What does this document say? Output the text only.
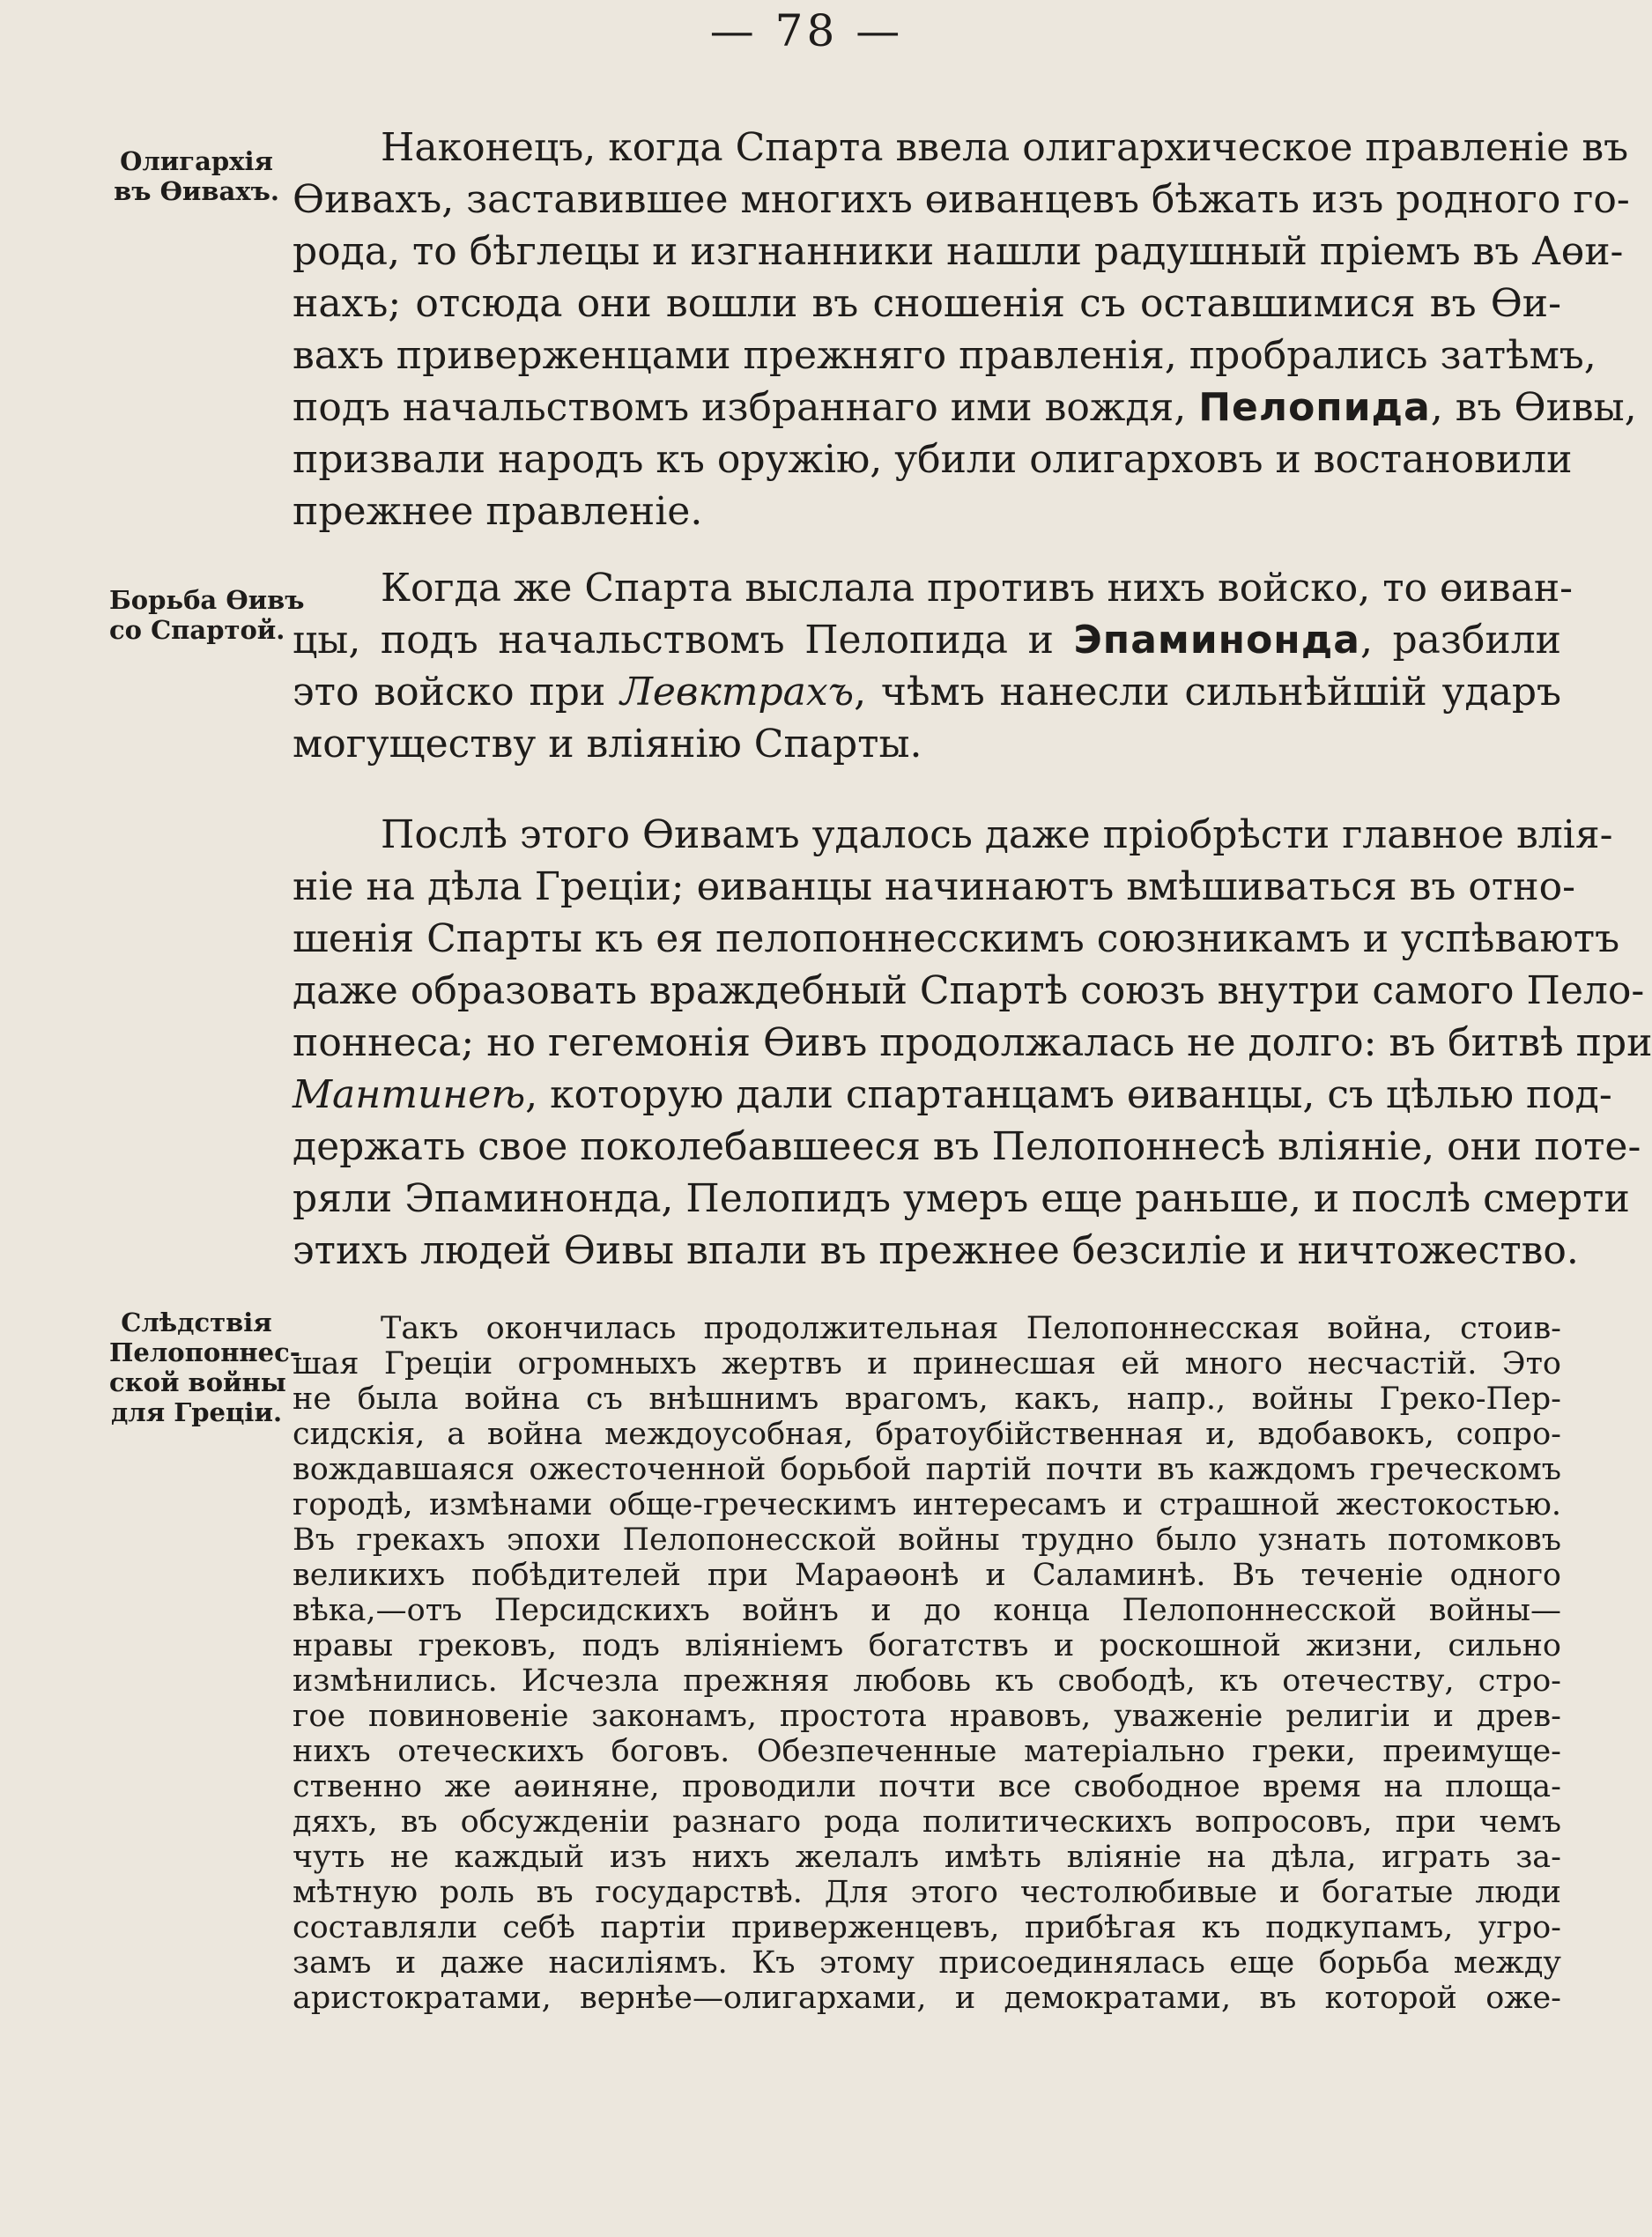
— 78 —
Олигархія
въ Өивахъ.
Наконецъ, когда Спарта ввела олигархическое правленіе въ
Өивахъ, заставившее многихъ өиванцевъ бѣжать изъ родного го-
рода, то бѣглецы и изгнанники нашли радушный пріемъ въ Аөи-
нахъ; отсюда они вошли въ сношенія съ оставшимися въ Өи-
вахъ приверженцами прежняго правленія, пробрались затѣмъ,
подъ начальствомъ избраннаго ими вождя, Пелопида, въ Өивы,
призвали народъ къ оружію, убили олигарховъ и востановили
прежнее правленіе.
Борьба Өивъ
со Спартой.
Когда же Спарта выслала противъ нихъ войско, то өиван-
цы, подъ начальствомъ Пелопида и Эпаминонда, разбили
это войско при Левктрахъ, чѣмъ нанесли сильнѣйшій ударъ
могуществу и вліянію Спарты.
Послѣ этого Өивамъ удалось даже пріобрѣсти главное влія-
ніе на дѣла Греціи; өиванцы начинаютъ вмѣшиваться въ отно-
шенія Спарты къ ея пелопоннесскимъ союзникамъ и успѣваютъ
даже образовать враждебный Спартѣ союзъ внутри самого Пело-
поннеса; но гегемонія Өивъ продолжалась не долго: въ битвѣ при
Мантинеѣ, которую дали спартанцамъ өиванцы, съ цѣлью под-
держать свое поколебавшееся въ Пелопоннесѣ вліяніе, они поте-
ряли Эпаминонда, Пелопидъ умеръ еще раньше, и послѣ смерти
этихъ людей Өивы впали въ прежнее безсиліе и ничтожество.
Слѣдствія
Пелопоннес-
ской войны
для Греціи.
Такъ окончилась продолжительная Пелопоннесская война, стоив-
шая Греціи огромныхъ жертвъ и принесшая ей много несчастій. Это
не была война съ внѣшнимъ врагомъ, какъ, напр., войны Греко-Пер-
сидскія, а война междоусобная, братоубійственная и, вдобавокъ, сопро-
вождавшаяся ожесточенной борьбой партій почти въ каждомъ греческомъ
городѣ, измѣнами обще-греческимъ интересамъ и страшной жестокостью.
Въ грекахъ эпохи Пелопонесской войны трудно было узнать потомковъ
великихъ побѣдителей при Мараөонѣ и Саламинѣ. Въ теченіе одного
вѣка,—отъ Персидскихъ войнъ и до конца Пелопоннесской войны—
нравы грековъ, подъ вліяніемъ богатствъ и роскошной жизни, сильно
измѣнились. Исчезла прежняя любовь къ свободѣ, къ отечеству, стро-
гое повиновеніе законамъ, простота нравовъ, уваженіе религіи и древ-
нихъ отеческихъ боговъ. Обезпеченные матеріально греки, преимуще-
ственно же аөиняне, проводили почти все свободное время на площа-
дяхъ, въ обсужденіи разнаго рода политическихъ вопросовъ, при чемъ
чуть не каждый изъ нихъ желалъ имѣть вліяніе на дѣла, играть за-
мѣтную роль въ государствѣ. Для этого честолюбивые и богатые люди
составляли себѣ партіи приверженцевъ, прибѣгая къ подкупамъ, угро-
замъ и даже насиліямъ. Къ этому присоединялась еще борьба между
аристократами, вернѣе—олигархами, и демократами, въ которой оже-
